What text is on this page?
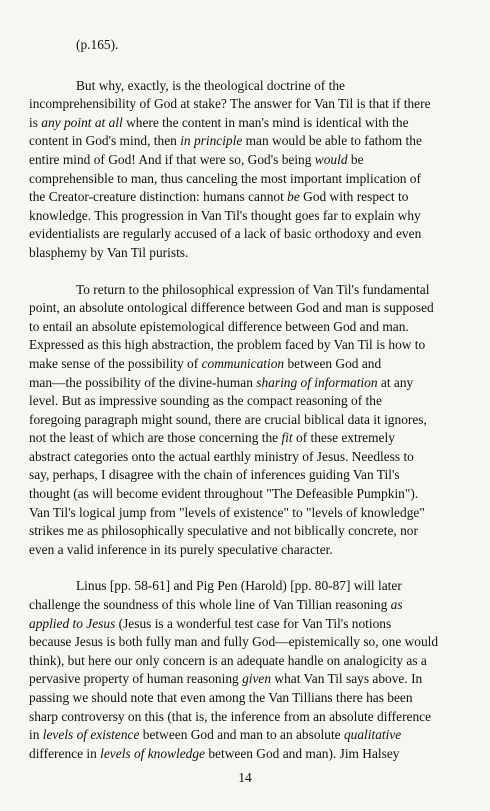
(p.165).
But why, exactly, is the theological doctrine of the
incomprehensibility of God at stake? The answer for Van Til is that if there
is any point at all where the content in man's mind is identical with the
content in God's mind, then in principle man would be able to fathom the
entire mind of God! And if that were so, God's being would be
comprehensible to man, thus canceling the most important implication of
the Creator-creature distinction: humans cannot be God with respect to
knowledge. This progression in Van Til's thought goes far to explain why
evidentialists are regularly accused of a lack of basic orthodoxy and even
blasphemy by Van Til purists.
To return to the philosophical expression of Van Til's fundamental
point, an absolute ontological difference between God and man is supposed
to entail an absolute epistemological difference between God and man.
Expressed as this high abstraction, the problem faced by Van Til is how to
make sense of the possibility of communication between God and
man—the possibility of the divine-human sharing of information at any
level. But as impressive sounding as the compact reasoning of the
foregoing paragraph might sound, there are crucial biblical data it ignores,
not the least of which are those concerning the fit of these extremely
abstract categories onto the actual earthly ministry of Jesus. Needless to
say, perhaps, I disagree with the chain of inferences guiding Van Til's
thought (as will become evident throughout "The Defeasible Pumpkin").
Van Til's logical jump from "levels of existence" to "levels of knowledge"
strikes me as philosophically speculative and not biblically concrete, nor
even a valid inference in its purely speculative character.
Linus [pp. 58-61] and Pig Pen (Harold) [pp. 80-87] will later
challenge the soundness of this whole line of Van Tillian reasoning as
applied to Jesus (Jesus is a wonderful test case for Van Til's notions
because Jesus is both fully man and fully God—epistemically so, one would
think), but here our only concern is an adequate handle on analogicity as a
pervasive property of human reasoning given what Van Til says above. In
passing we should note that even among the Van Tillians there has been
sharp controversy on this (that is, the inference from an absolute difference
in levels of existence between God and man to an absolute qualitative
difference in levels of knowledge between God and man). Jim Halsey
14
